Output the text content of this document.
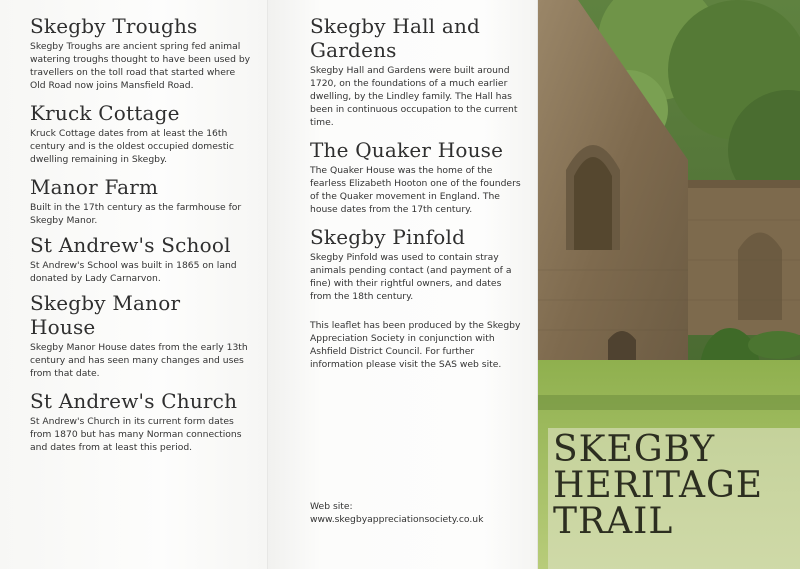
Skegby Troughs

Skegby Troughs are ancient spring fed animal watering troughs thought to have been used by travellers on the toll road that started where Old Road now joins Mansfield Road.

Kruck Cottage

Kruck Cottage dates from at least the 16th century and is the oldest occupied domestic dwelling remaining in Skegby.

Manor Farm

Built in the 17th century as the farmhouse for Skegby Manor.

St Andrew's School

St Andrew's School was built in 1865 on land donated by Lady Carnarvon.

Skegby Manor House

Skegby Manor House dates from the early 13th century and has seen many changes and uses from that date.

St Andrew's Church

St Andrew's Church in its current form dates from 1870 but has many Norman connections and dates from at least this period.

Skegby Hall and Gardens

Skegby Hall and Gardens were built around 1720, on the foundations of a much earlier dwelling, by the Lindley family. The Hall has been in continuous occupation to the current time.

The Quaker House

The Quaker House was the home of the fearless Elizabeth Hooton one of the founders of the Quaker movement in England. The house dates from the 17th century.

Skegby Pinfold

Skegby Pinfold was used to contain stray animals pending contact (and payment of a fine) with their rightful owners, and dates from the 18th century.

This leaflet has been produced by the Skegby Appreciation Society in conjunction with Ashfield District Council. For further information please visit the SAS web site.

Web site:

www.skegbyappreciationsociety.co.uk

SKEGBY
HERITAGE
TRAIL
